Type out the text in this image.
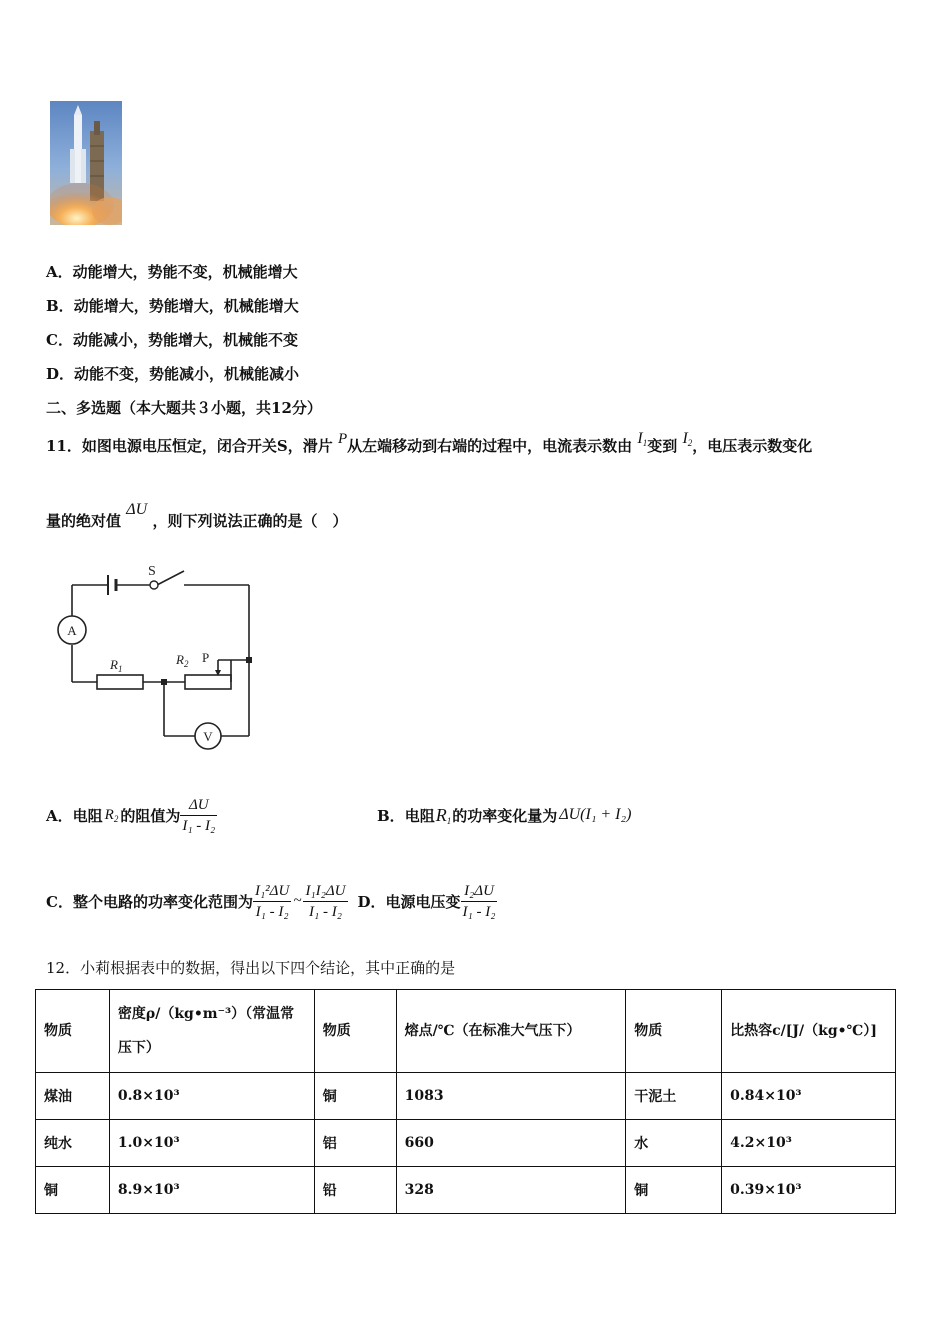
A．动能增大，势能不变，机械能增大
B．动能增大，势能增大，机械能增大
C．动能减小，势能增大，机械能不变
D．动能不变，势能减小，机械能减小
二、多选题（本大题共３小题，共12分）
11．如图电源电压恒定，闭合开关S，滑片 P从左端移动到右端的过程中，电流表示数由 $I_1$变到 $I_2$，电压表示数变化
量的绝对值 ΔU ，则下列说法正确的是（　）
A
V
S
$R_1$
$R_2$ P
A． 电阻 $R_2$ 的阻值为 $\frac{\Delta U}{\text{I₁ - I₂}}$	B． 电阻 $R_1$ 的功率变化量为 ΔU(I₁ + I₂)
C． 整个电路的功率变化范围为 $\frac{\text{I₁²ΔU}}{\text{I₁ - I₂}}$ ~ $\frac{\text{I₁I₂ΔU}}{\text{I₁ - I₂}}$ D．电源电压变 $\frac{\text{I₂ΔU}}{\text{I₁ - I₂}}$
12．小莉根据表中的数据，得出以下四个结论，其中正确的是
物质	密度ρ/（kg•m⁻³）（常温常压下）	物质	熔点/℃（在标准大气压下）	物质	比热容c/[J/（kg•℃）]
煤油	0.8×10³	铜	1083	干泥土	0.84×10³
纯水	1.0×10³	铝	660	水	4.2×10³
铜	8.9×10³	铅	328	铜	0.39×10³
